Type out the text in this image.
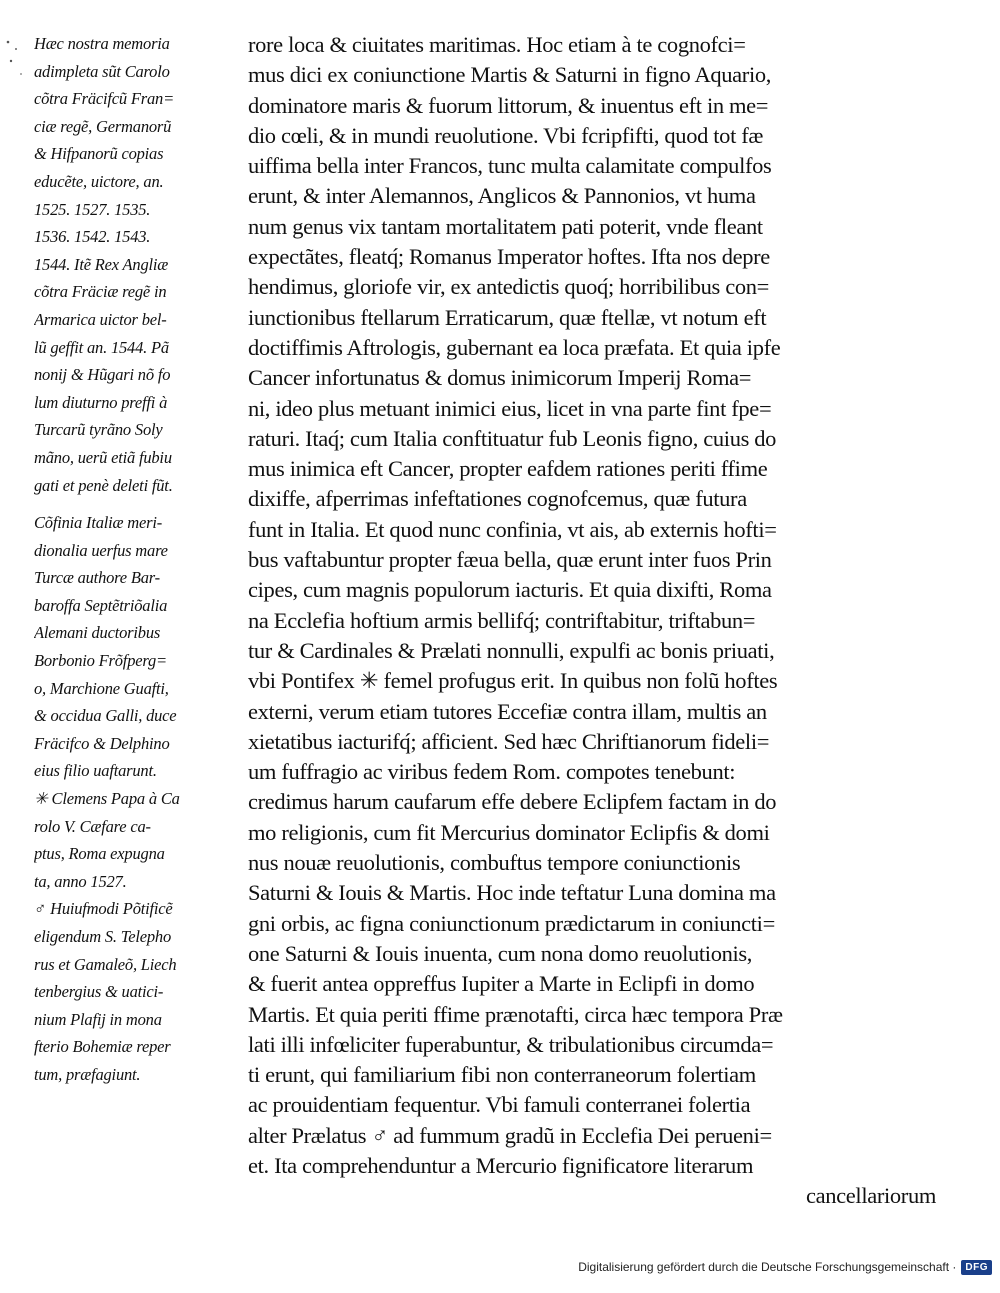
Hæc nostra memoria
adimpleta sũt Carolo
cõtra Fräcifcũ Fran=
ciæ regẽ, Germanorũ
& Hifpanorũ copias
educẽte, uictore, an.
1525. 1527. 1535.
1536. 1542. 1543.
1544. Itẽ Rex Angliæ
cõtra Fräciæ regẽ in
Armarica uictor bel-
lũ geffit an. 1544. Pã
nonij & Hũgari nõ fo
lum diuturno preffi à
Turcarũ tyrãno Soly
mãno, uerũ etiã fubiu
gati et penè deleti fũt.
Cõfinia Italiæ meri-
dionalia uerfus mare
Turcæ authore Bar-
baroffa Septẽtriõalia
Alemani ductoribus
Borbonio Frõfperg=
o, Marchione Guafti,
& occidua Galli, duce
Fräcifco & Delphino
eius filio uaftarunt.
✳ Clemens Papa à Ca
rolo V. Cæfare ca-
ptus, Roma expugna
ta, anno 1527.
♂ Huiufmodi Põtificẽ
eligendum S. Telepho
rus et Gamaleõ, Liech
tenbergius & uatici-
nium Plafij in mona
fterio Bohemiæ reper
tum, præfagiunt.
rore loca & ciuitates maritimas. Hoc etiam à te cognofci=
mus dici ex coniunctione Martis & Saturni in figno Aquario,
dominatore maris & fuorum littorum, & inuentus eft in me=
dio cœli, & in mundi reuolutione. Vbi fcripfifti, quod tot fæ
uiffima bella inter Francos, tunc multa calamitate compulfos
erunt, & inter Alemannos, Anglicos & Pannonios, vt huma
num genus vix tantam mortalitatem pati poterit, vnde fleant
expectãtes, fleatq́; Romanus Imperator hoftes. Ifta nos depre
hendimus, gloriofe vir, ex antedictis quoq́; horribilibus con=
iunctionibus ftellarum Erraticarum, quæ ftellæ, vt notum eft
doctiffimis Aftrologis, gubernant ea loca præfata. Et quia ipfe
Cancer infortunatus & domus inimicorum Imperij Roma=
ni, ideo plus metuant inimici eius, licet in vna parte fint fpe=
raturi. Itaq́; cum Italia conftituatur fub Leonis figno, cuius do
mus inimica eft Cancer, propter eafdem rationes periti ffime
dixiffe, afperrimas infeftationes cognofcemus, quæ futura
funt in Italia. Et quod nunc confinia, vt ais, ab externis hofti=
bus vaftabuntur propter fæua bella, quæ erunt inter fuos Prin
cipes, cum magnis populorum iacturis. Et quia dixifti, Roma
na Ecclefia hoftium armis bellifq́; contriftabitur, triftabun=
tur & Cardinales & Prælati nonnulli, expulfi ac bonis priuati,
vbi Pontifex ✳ femel profugus erit. In quibus non folũ hoftes
externi, verum etiam tutores Eccefiæ contra illam, multis an
xietatibus iacturifq́; afficient. Sed hæc Chriftianorum fideli=
um fuffragio ac viribus fedem Rom. compotes tenebunt:
credimus harum caufarum effe debere Eclipfem factam in do
mo religionis, cum fit Mercurius dominator Eclipfis & domi
nus nouæ reuolutionis, combuftus tempore coniunctionis
Saturni & Iouis & Martis. Hoc inde teftatur Luna domina ma
gni orbis, ac figna coniunctionum prædictarum in coniuncti=
one Saturni & Iouis inuenta, cum nona domo reuolutionis,
& fuerit antea oppreffus Iupiter a Marte in Eclipfi in domo
Martis. Et quia periti ffime prænotafti, circa hæc tempora Præ
lati illi infœliciter fuperabuntur, & tribulationibus circumda=
ti erunt, qui familiarium fibi non conterraneorum folertiam
ac prouidentiam fequentur. Vbi famuli conterranei folertia
alter Prælatus ♂ ad fummum gradũ in Ecclefia Dei perueni=
et. Ita comprehenduntur a Mercurio fignificatore literarum
cancellariorum
Digitalisierung gefördert durch die Deutsche Forschungsgemeinschaft · DFG
